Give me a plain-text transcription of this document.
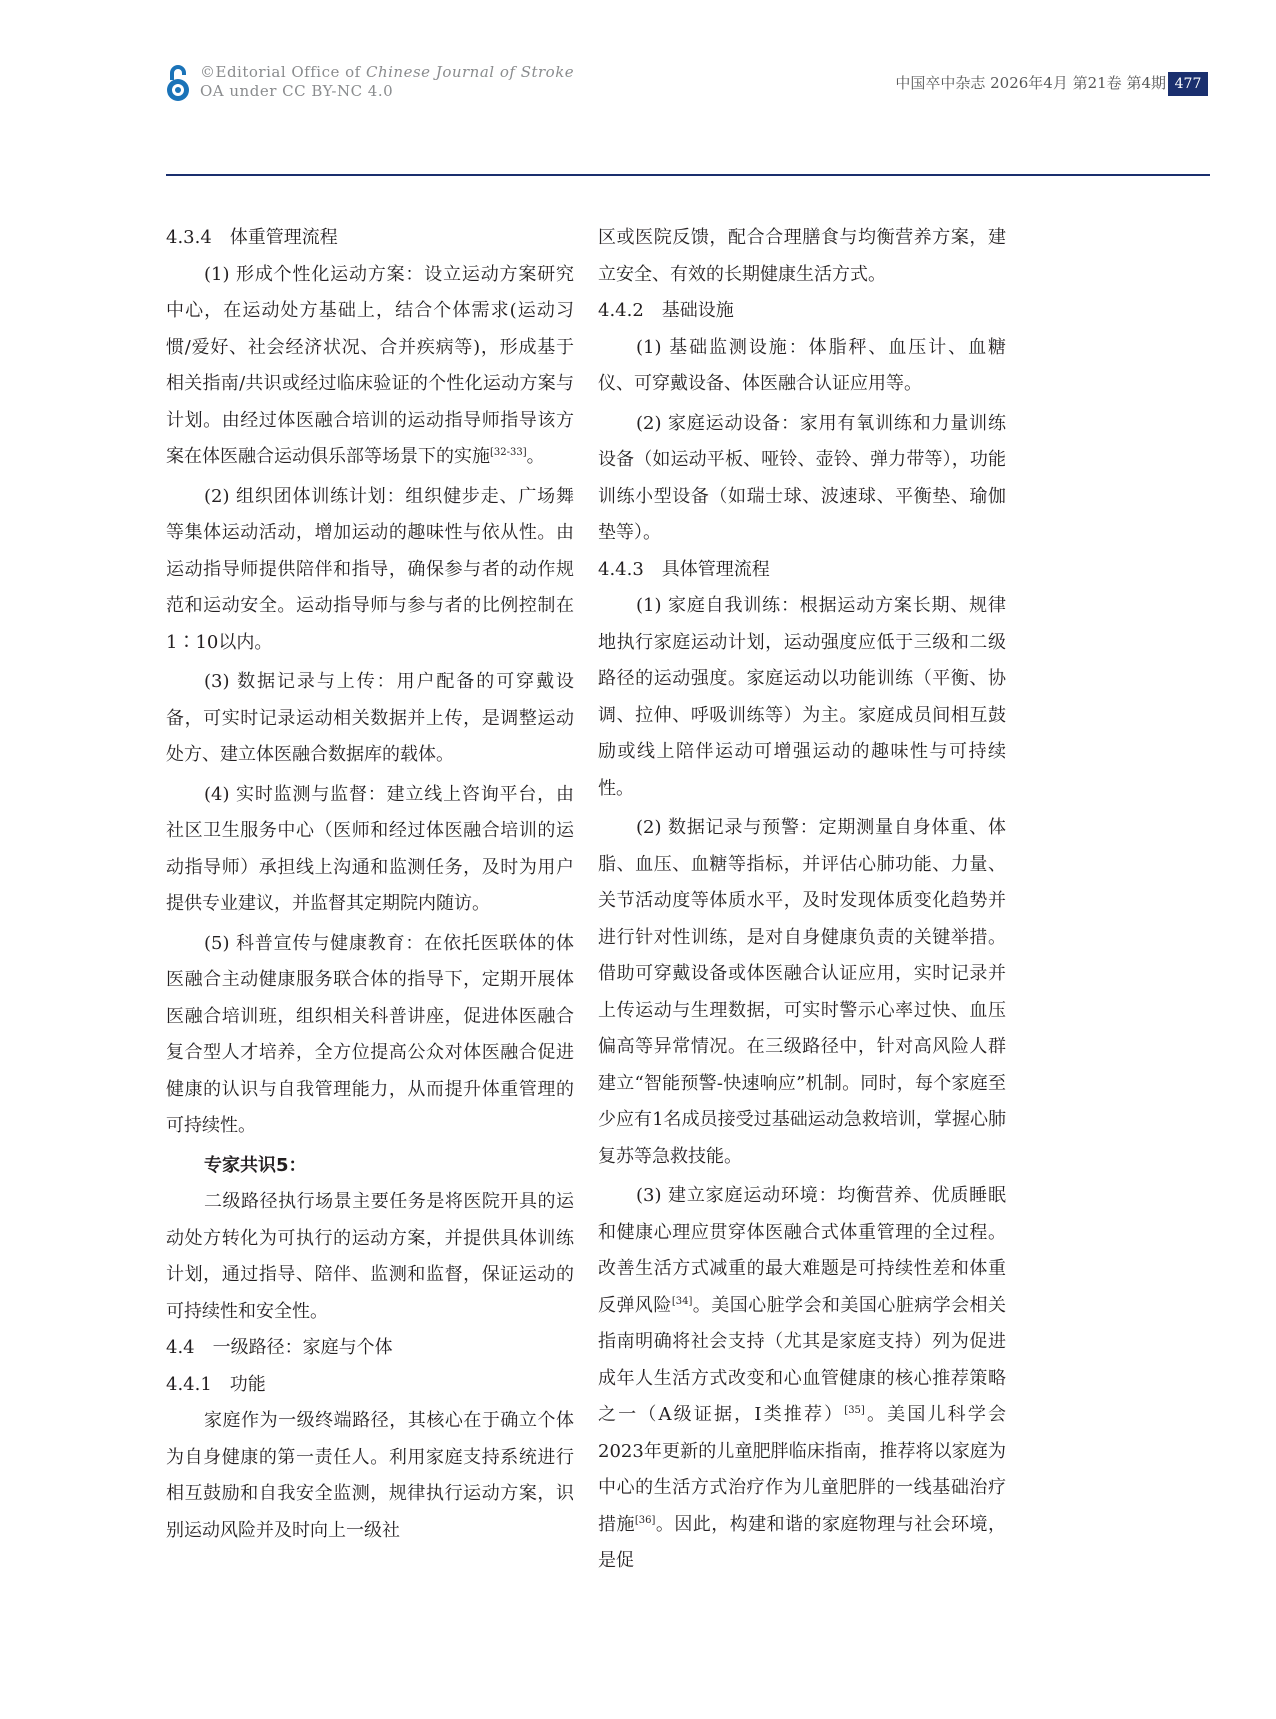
©Editorial Office of Chinese Journal of Stroke
OA under CC BY-NC 4.0	中国卒中杂志 2026年4月 第21卷 第4期 477

4.3.4　体重管理流程

(1) 形成个性化运动方案：设立运动方案研究中心，在运动处方基础上，结合个体需求(运动习惯/爱好、社会经济状况、合并疾病等)，形成基于相关指南/共识或经过临床验证的个性化运动方案与计划。由经过体医融合培训的运动指导师指导该方案在体医融合运动俱乐部等场景下的实施[32-33]。

(2) 组织团体训练计划：组织健步走、广场舞等集体运动活动，增加运动的趣味性与依从性。由运动指导师提供陪伴和指导，确保参与者的动作规范和运动安全。运动指导师与参与者的比例控制在1∶10以内。

(3) 数据记录与上传：用户配备的可穿戴设备，可实时记录运动相关数据并上传，是调整运动处方、建立体医融合数据库的载体。

(4) 实时监测与监督：建立线上咨询平台，由社区卫生服务中心（医师和经过体医融合培训的运动指导师）承担线上沟通和监测任务，及时为用户提供专业建议，并监督其定期院内随访。

(5) 科普宣传与健康教育：在依托医联体的体医融合主动健康服务联合体的指导下，定期开展体医融合培训班，组织相关科普讲座，促进体医融合复合型人才培养，全方位提高公众对体医融合促进健康的认识与自我管理能力，从而提升体重管理的可持续性。

专家共识5：

二级路径执行场景主要任务是将医院开具的运动处方转化为可执行的运动方案，并提供具体训练计划，通过指导、陪伴、监测和监督，保证运动的可持续性和安全性。

4.4　一级路径：家庭与个体

4.4.1　功能

家庭作为一级终端路径，其核心在于确立个体为自身健康的第一责任人。利用家庭支持系统进行相互鼓励和自我安全监测，规律执行运动方案，识别运动风险并及时向上一级社

区或医院反馈，配合合理膳食与均衡营养方案，建立安全、有效的长期健康生活方式。

4.4.2　基础设施

(1) 基础监测设施：体脂秤、血压计、血糖仪、可穿戴设备、体医融合认证应用等。

(2) 家庭运动设备：家用有氧训练和力量训练设备（如运动平板、哑铃、壶铃、弹力带等），功能训练小型设备（如瑞士球、波速球、平衡垫、瑜伽垫等）。

4.4.3　具体管理流程

(1) 家庭自我训练：根据运动方案长期、规律地执行家庭运动计划，运动强度应低于三级和二级路径的运动强度。家庭运动以功能训练（平衡、协调、拉伸、呼吸训练等）为主。家庭成员间相互鼓励或线上陪伴运动可增强运动的趣味性与可持续性。

(2) 数据记录与预警：定期测量自身体重、体脂、血压、血糖等指标，并评估心肺功能、力量、关节活动度等体质水平，及时发现体质变化趋势并进行针对性训练，是对自身健康负责的关键举措。借助可穿戴设备或体医融合认证应用，实时记录并上传运动与生理数据，可实时警示心率过快、血压偏高等异常情况。在三级路径中，针对高风险人群建立“智能预警-快速响应”机制。同时，每个家庭至少应有1名成员接受过基础运动急救培训，掌握心肺复苏等急救技能。

(3) 建立家庭运动环境：均衡营养、优质睡眠和健康心理应贯穿体医融合式体重管理的全过程。改善生活方式减重的最大难题是可持续性差和体重反弹风险[34]。美国心脏学会和美国心脏病学会相关指南明确将社会支持（尤其是家庭支持）列为促进成年人生活方式改变和心血管健康的核心推荐策略之一（A级证据，I类推荐）[35]。美国儿科学会2023年更新的儿童肥胖临床指南，推荐将以家庭为中心的生活方式治疗作为儿童肥胖的一线基础治疗措施[36]。因此，构建和谐的家庭物理与社会环境，是促
